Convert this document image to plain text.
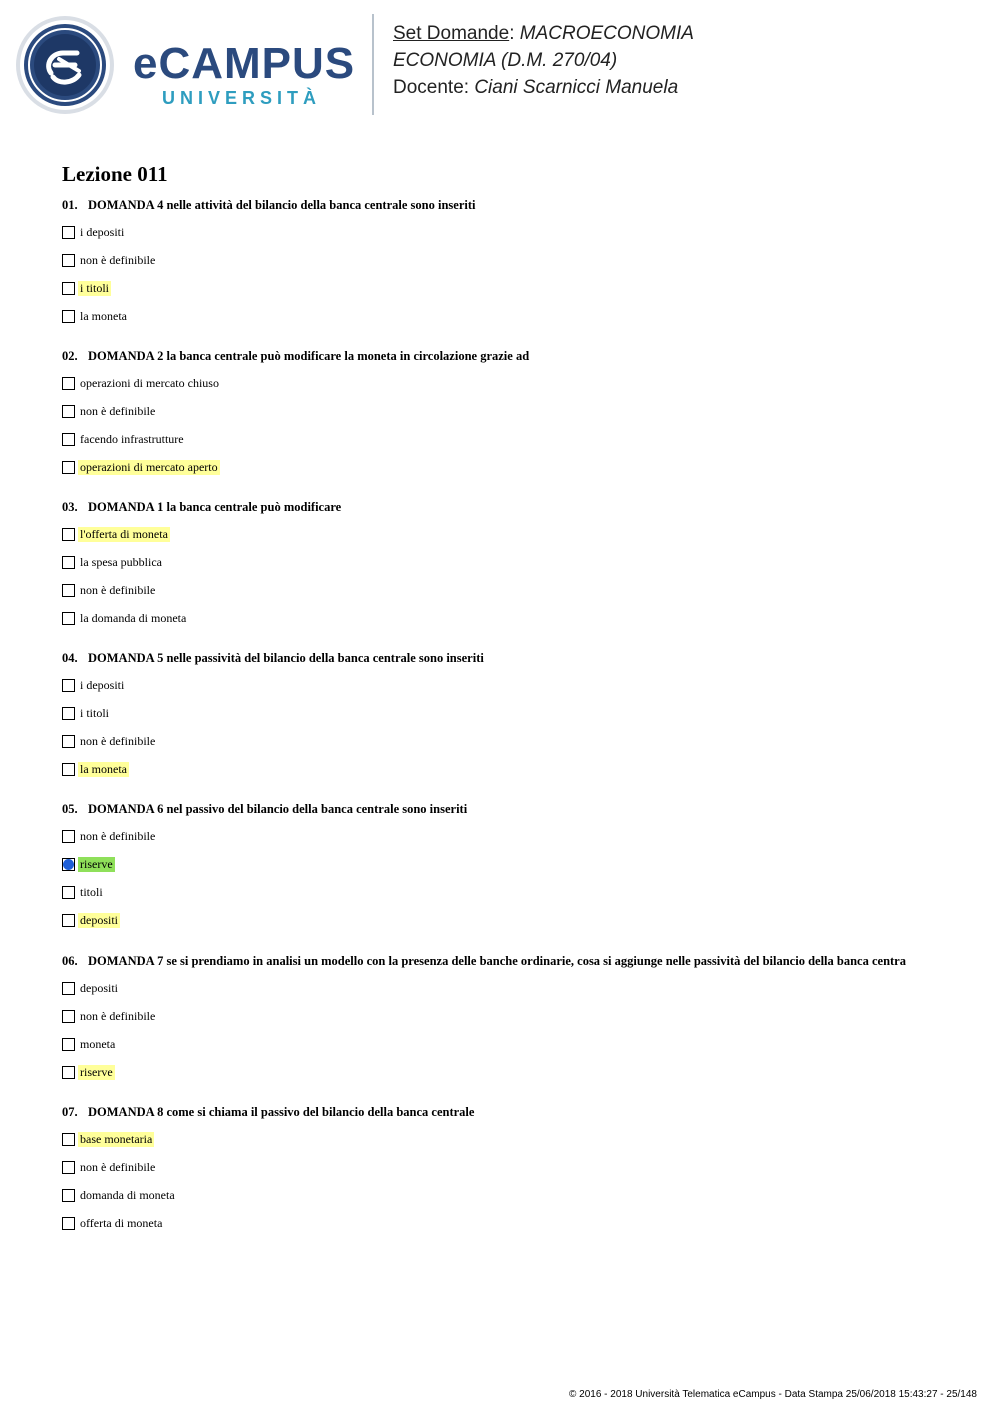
eCAMPUS
UNIVERSITÀ
Set Domande: MACROECONOMIA
ECONOMIA (D.M. 270/04)
Docente: Ciani Scarnicci Manuela
Lezione 011
01. DOMANDA 4 nelle attività del bilancio della banca centrale sono inseriti
i depositi
non è definibile
i titoli
la moneta
02. DOMANDA 2 la banca centrale può modificare la moneta in circolazione grazie ad
operazioni di mercato chiuso
non è definibile
facendo infrastrutture
operazioni di mercato aperto
03. DOMANDA 1 la banca centrale può modificare
l'offerta di moneta
la spesa pubblica
non è definibile
la domanda di moneta
04. DOMANDA 5 nelle passività del bilancio della banca centrale sono inseriti
i depositi
i titoli
non è definibile
la moneta
05. DOMANDA 6 nel passivo del bilancio della banca centrale sono inseriti
non è definibile
riserve
titoli
depositi
06. DOMANDA 7 se si prendiamo in analisi un modello con la presenza delle banche ordinarie, cosa si aggiunge nelle passività del bilancio della banca centra
depositi
non è definibile
moneta
riserve
07. DOMANDA 8 come si chiama il passivo del bilancio della banca centrale
base monetaria
non è definibile
domanda di moneta
offerta di moneta
© 2016 - 2018 Università Telematica eCampus - Data Stampa 25/06/2018 15:43:27 - 25/148
